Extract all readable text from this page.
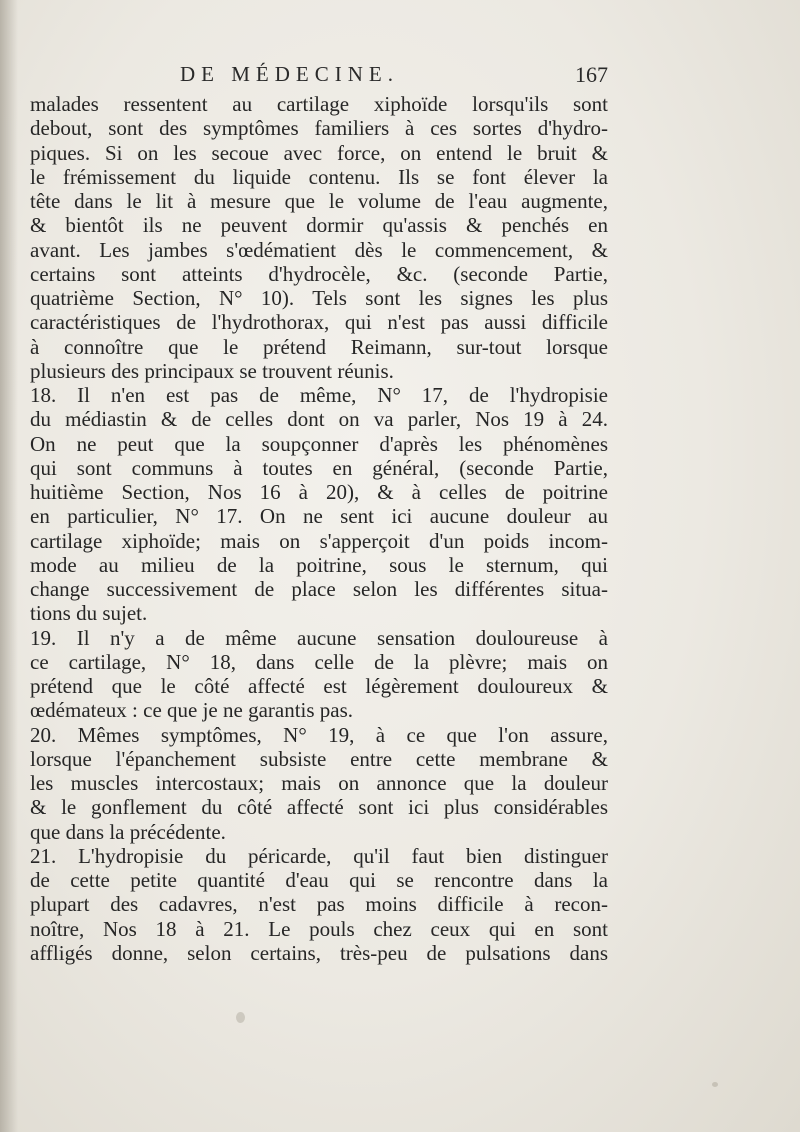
DE MÉDECINE.	167
malades ressentent au cartilage xiphoïde lorsqu'ils sont
debout, sont des symptômes familiers à ces sortes d'hydro-
piques. Si on les secoue avec force, on entend le bruit &
le frémissement du liquide contenu. Ils se font élever la
tête dans le lit à mesure que le volume de l'eau augmente,
& bientôt ils ne peuvent dormir qu'assis & penchés en
avant. Les jambes s'œdématient dès le commencement, &
certains sont atteints d'hydrocèle, &c. (seconde Partie,
quatrième Section, N° 10). Tels sont les signes les plus
caractéristiques de l'hydrothorax, qui n'est pas aussi difficile
à connoître que le prétend Reimann, sur-tout lorsque
plusieurs des principaux se trouvent réunis.
18. Il n'en est pas de même, N° 17, de l'hydropisie
du médiastin & de celles dont on va parler, Nos 19 à 24.
On ne peut que la soupçonner d'après les phénomènes
qui sont communs à toutes en général, (seconde Partie,
huitième Section, Nos 16 à 20), & à celles de poitrine
en particulier, N° 17. On ne sent ici aucune douleur au
cartilage xiphoïde; mais on s'apperçoit d'un poids incom-
mode au milieu de la poitrine, sous le sternum, qui
change successivement de place selon les différentes situa-
tions du sujet.
19. Il n'y a de même aucune sensation douloureuse à
ce cartilage, N° 18, dans celle de la plèvre; mais on
prétend que le côté affecté est légèrement douloureux &
œdémateux : ce que je ne garantis pas.
20. Mêmes symptômes, N° 19, à ce que l'on assure,
lorsque l'épanchement subsiste entre cette membrane &
les muscles intercostaux; mais on annonce que la douleur
& le gonflement du côté affecté sont ici plus considérables
que dans la précédente.
21. L'hydropisie du péricarde, qu'il faut bien distinguer
de cette petite quantité d'eau qui se rencontre dans la
plupart des cadavres, n'est pas moins difficile à recon-
noître, Nos 18 à 21. Le pouls chez ceux qui en sont
affligés donne, selon certains, très-peu de pulsations dans
